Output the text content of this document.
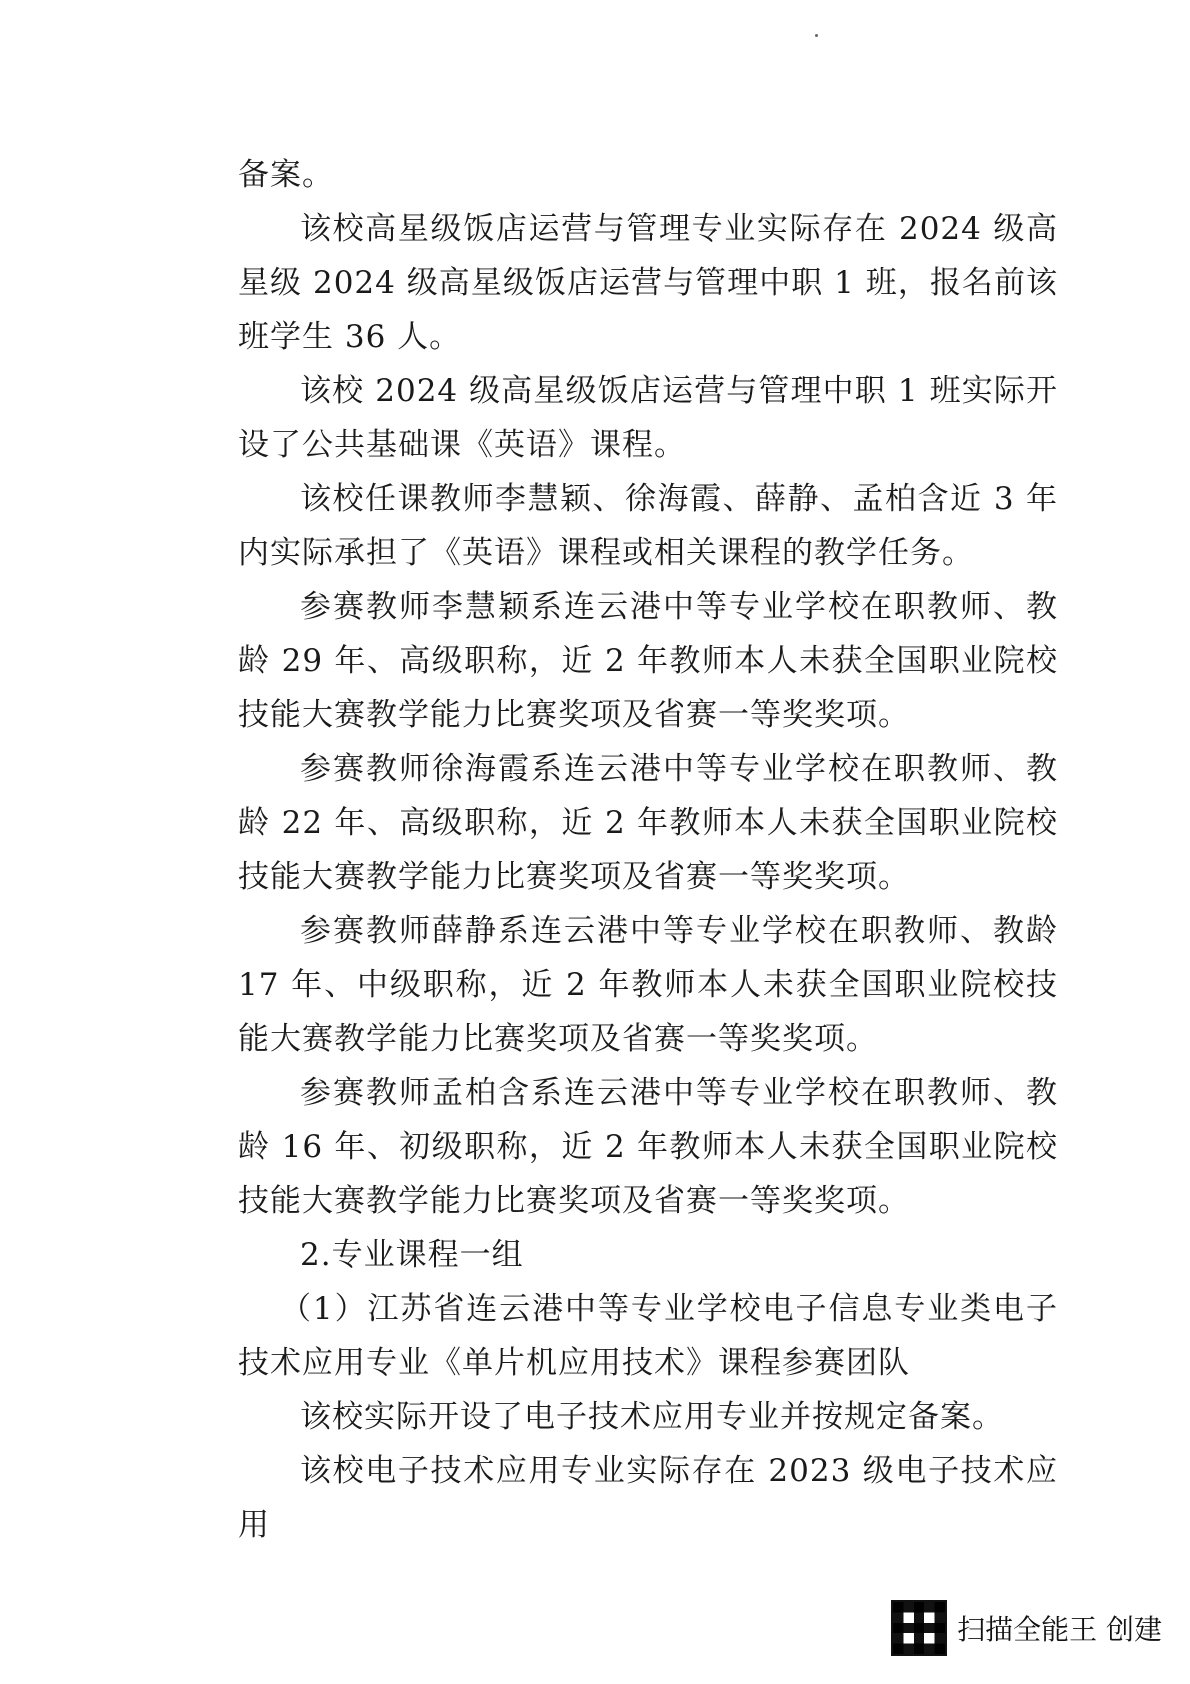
备案。

该校高星级饭店运营与管理专业实际存在 2024 级高星级 2024 级高星级饭店运营与管理中职 1 班，报名前该班学生 36 人。

该校 2024 级高星级饭店运营与管理中职 1 班实际开设了公共基础课《英语》课程。

该校任课教师李慧颖、徐海霞、薛静、孟柏含近 3 年内实际承担了《英语》课程或相关课程的教学任务。

参赛教师李慧颖系连云港中等专业学校在职教师、教龄 29 年、高级职称，近 2 年教师本人未获全国职业院校技能大赛教学能力比赛奖项及省赛一等奖奖项。

参赛教师徐海霞系连云港中等专业学校在职教师、教龄 22 年、高级职称，近 2 年教师本人未获全国职业院校技能大赛教学能力比赛奖项及省赛一等奖奖项。

参赛教师薛静系连云港中等专业学校在职教师、教龄 17 年、中级职称，近 2 年教师本人未获全国职业院校技能大赛教学能力比赛奖项及省赛一等奖奖项。

参赛教师孟柏含系连云港中等专业学校在职教师、教龄 16 年、初级职称，近 2 年教师本人未获全国职业院校技能大赛教学能力比赛奖项及省赛一等奖奖项。

2.专业课程一组

（1）江苏省连云港中等专业学校电子信息专业类电子技术应用专业《单片机应用技术》课程参赛团队

该校实际开设了电子技术应用专业并按规定备案。

该校电子技术应用专业实际存在 2023 级电子技术应用

扫描全能王 创建
